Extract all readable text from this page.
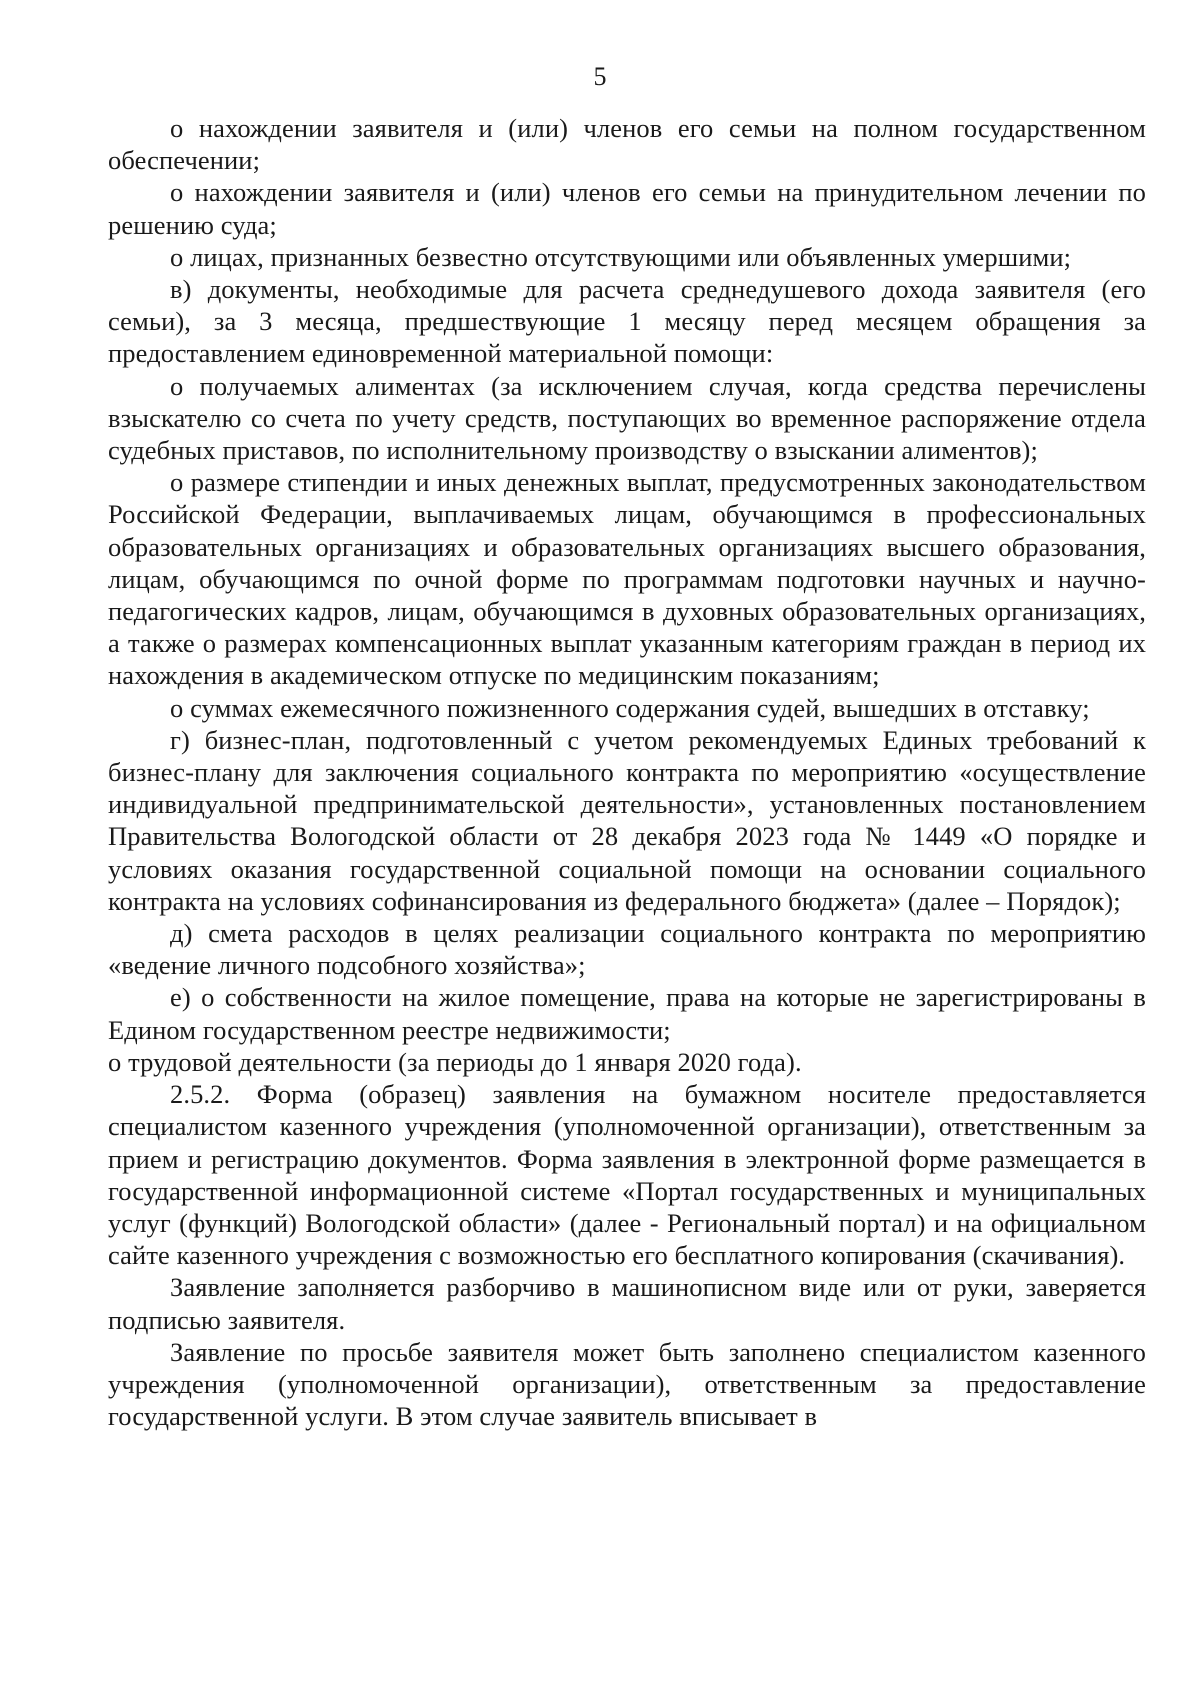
5

о нахождении заявителя и (или) членов его семьи на полном государственном обеспечении;

о нахождении заявителя и (или) членов его семьи на принудительном лечении по решению суда;

о лицах, признанных безвестно отсутствующими или объявленных умершими;

в) документы, необходимые для расчета среднедушевого дохода заявителя (его семьи), за 3 месяца, предшествующие 1 месяцу перед месяцем обращения за предоставлением единовременной материальной помощи:

о получаемых алиментах (за исключением случая, когда средства перечислены взыскателю со счета по учету средств, поступающих во временное распоряжение отдела судебных приставов, по исполнительному производству о взыскании алиментов);

о размере стипендии и иных денежных выплат, предусмотренных законодательством Российской Федерации, выплачиваемых лицам, обучающимся в профессиональных образовательных организациях и образовательных организациях высшего образования, лицам, обучающимся по очной форме по программам подготовки научных и научно-педагогических кадров, лицам, обучающимся в духовных образовательных организациях, а также о размерах компенсационных выплат указанным категориям граждан в период их нахождения в академическом отпуске по медицинским показаниям;

о суммах ежемесячного пожизненного содержания судей, вышедших в отставку;

г) бизнес-план, подготовленный с учетом рекомендуемых Единых требований к бизнес-плану для заключения социального контракта по мероприятию «осуществление индивидуальной предпринимательской деятельности», установленных постановлением Правительства Вологодской области от 28 декабря 2023 года № 1449 «О порядке и условиях оказания государственной социальной помощи на основании социального контракта на условиях софинансирования из федерального бюджета» (далее – Порядок);

д) смета расходов в целях реализации социального контракта по мероприятию «ведение личного подсобного хозяйства»;

е) о собственности на жилое помещение, права на которые не зарегистрированы в Едином государственном реестре недвижимости;

о трудовой деятельности (за периоды до 1 января 2020 года).

2.5.2. Форма (образец) заявления на бумажном носителе предоставляется специалистом казенного учреждения (уполномоченной организации), ответственным за прием и регистрацию документов. Форма заявления в электронной форме размещается в государственной информационной системе «Портал государственных и муниципальных услуг (функций) Вологодской области» (далее - Региональный портал) и на официальном сайте казенного учреждения с возможностью его бесплатного копирования (скачивания).

Заявление заполняется разборчиво в машинописном виде или от руки, заверяется подписью заявителя.

Заявление по просьбе заявителя может быть заполнено специалистом казенного учреждения (уполномоченной организации), ответственным за предоставление государственной услуги. В этом случае заявитель вписывает в
